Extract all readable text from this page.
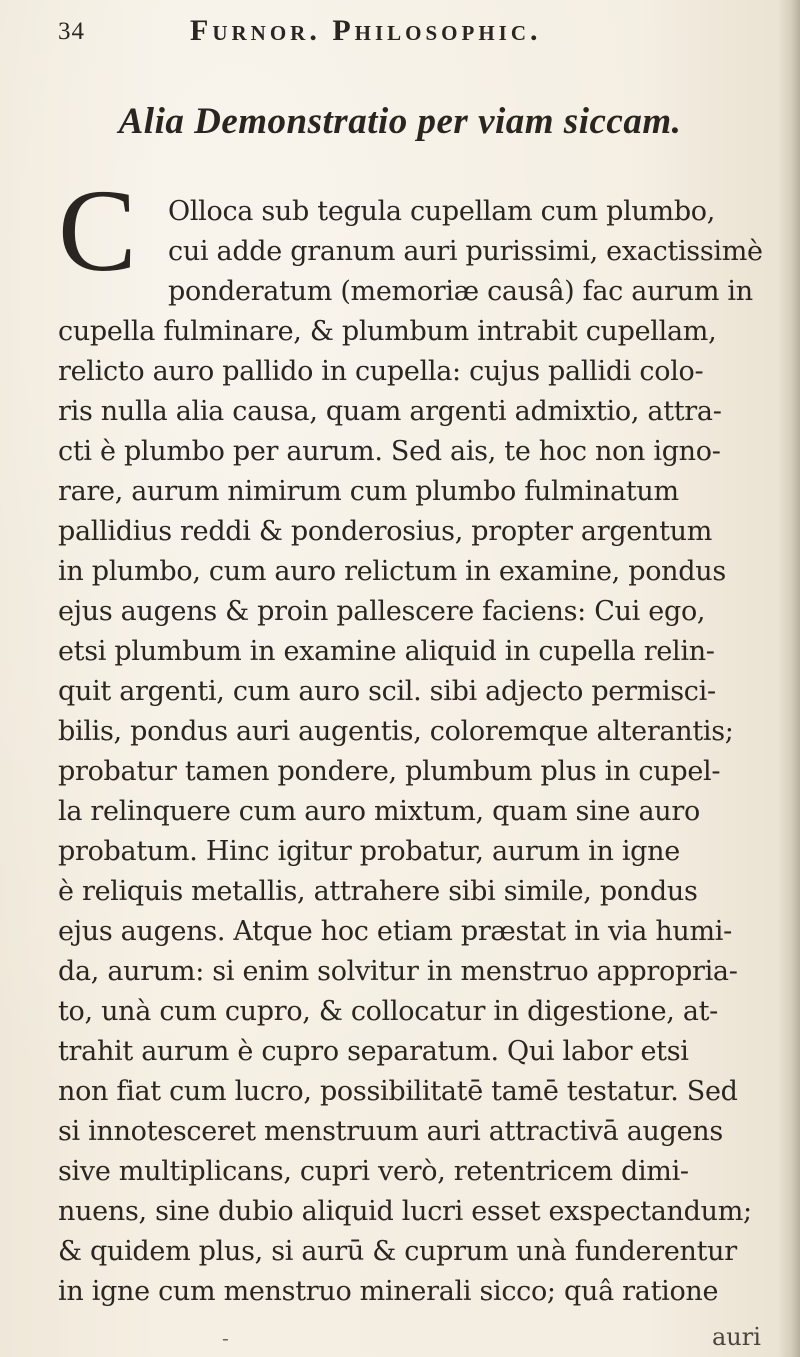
34	Furnor. Philosophic.
Alia Demonstratio per viam siccam.
C Olloca sub tegula cupellam cum plumbo,
cui adde granum auri purissimi, exactissimè
ponderatum (memoriæ causâ) fac aurum in
cupella fulminare, & plumbum intrabit cupellam,
relicto auro pallido in cupella: cujus pallidi colo-
ris nulla alia causa, quam argenti admixtio, attra-
cti è plumbo per aurum. Sed ais, te hoc non igno-
rare, aurum nimirum cum plumbo fulminatum
pallidius reddi & ponderosius, propter argentum
in plumbo, cum auro relictum in examine, pondus
ejus augens & proin pallescere faciens: Cui ego,
etsi plumbum in examine aliquid in cupella relin-
quit argenti, cum auro scil. sibi adjecto permisci-
bilis, pondus auri augentis, coloremque alterantis;
probatur tamen pondere, plumbum plus in cupel-
la relinquere cum auro mixtum, quam sine auro
probatum. Hinc igitur probatur, aurum in igne
è reliquis metallis, attrahere sibi simile, pondus
ejus augens. Atque hoc etiam præstat in via humi-
da, aurum: si enim solvitur in menstruo appropria-
to, unà cum cupro, & collocatur in digestione, at-
trahit aurum è cupro separatum. Qui labor etsi
non fiat cum lucro, possibilitatē tamē testatur. Sed
si innotesceret menstruum auri attractivā augens
sive multiplicans, cupri verò, retentricem dimi-
nuens, sine dubio aliquid lucri esset exspectandum;
& quidem plus, si aurū & cuprum unà funderentur
in igne cum menstruo minerali sicco; quâ ratione
-	auri
